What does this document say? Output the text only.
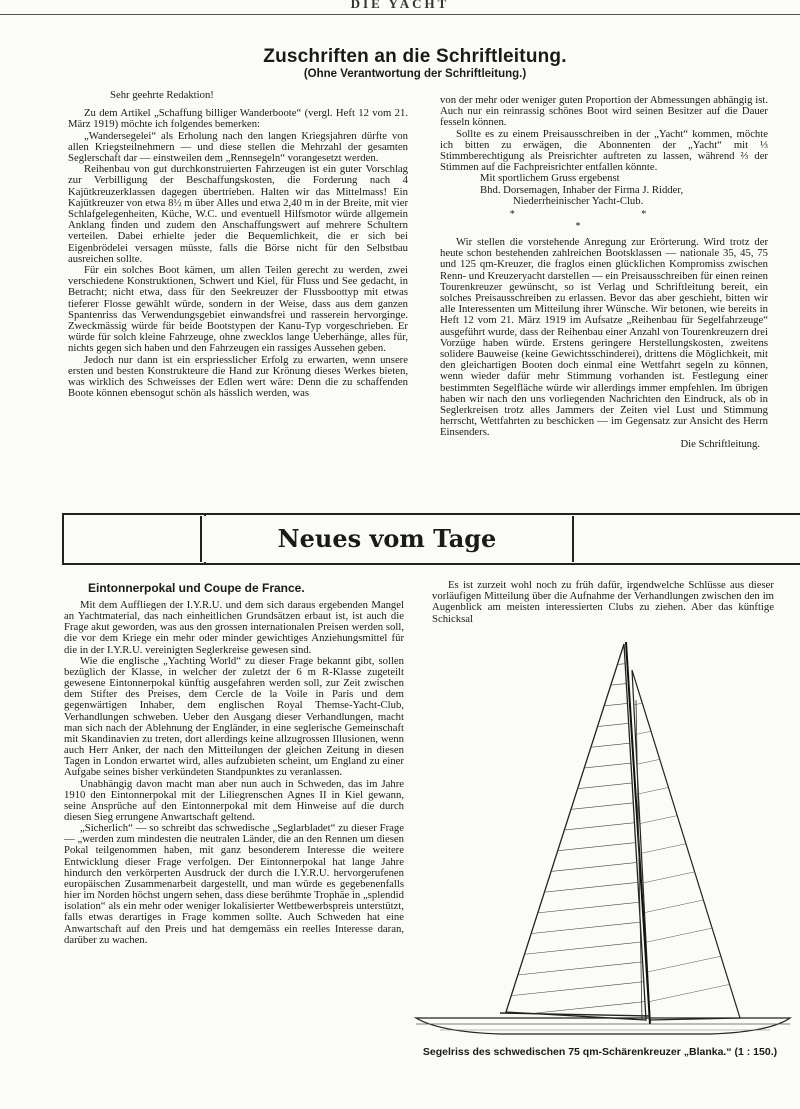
DIE YACHT
Zuschriften an die Schriftleitung.
(Ohne Verantwortung der Schriftleitung.)

Sehr geehrte Redaktion!

Zu dem Artikel „Schaffung billiger Wanderboote“ (vergl. Heft 12 vom 21. März 1919) möchte ich folgendes bemerken:

„Wandersegelei“ als Erholung nach den langen Kriegsjahren dürfte von allen Kriegsteilnehmern — und diese stellen die Mehrzahl der gesamten Seglerschaft dar — einstweilen dem „Rennsegeln“ vorangesetzt werden.

Reihenbau von gut durchkonstruierten Fahrzeugen ist ein guter Vorschlag zur Verbilligung der Beschaffungskosten, die Forderung nach 4 Kajütkreuzerklassen dagegen übertrieben. Halten wir das Mittelmass! Ein Kajütkreuzer von etwa 8½ m über Alles und etwa 2,40 m in der Breite, mit vier Schlafgelegenheiten, Küche, W.C. und eventuell Hilfsmotor würde allgemein Anklang finden und zudem den Anschaffungswert auf mehrere Schultern verteilen. Dabei erhielte jeder die Bequemlichkeit, die er sich bei Eigenbrödelei versagen müsste, falls die Börse nicht für den Selbstbau ausreichen sollte.

Für ein solches Boot kämen, um allen Teilen gerecht zu werden, zwei verschiedene Konstruktionen, Schwert und Kiel, für Fluss und See gedacht, in Betracht; nicht etwa, dass für den Seekreuzer der Flussboottyp mit etwas tieferer Flosse gewählt würde, sondern in der Weise, dass aus dem ganzen Spantenriss das Verwendungsgebiet einwandsfrei und rasserein hervorginge. Zweckmässig würde für beide Bootstypen der Kanu-Typ vorgeschrieben. Er würde für solch kleine Fahrzeuge, ohne zwecklos lange Ueberhänge, alles für, nichts gegen sich haben und den Fahrzeugen ein rassiges Aussehen geben.

Jedoch nur dann ist ein erspriesslicher Erfolg zu erwarten, wenn unsere ersten und besten Konstrukteure die Hand zur Krönung dieses Werkes bieten, was wirklich des Schweisses der Edlen wert wäre: Denn die zu schaffenden Boote können ebensogut schön als hässlich werden, was

von der mehr oder weniger guten Proportion der Abmessungen abhängig ist. Auch nur ein reinrassig schönes Boot wird seinen Besitzer auf die Dauer fesseln können.

Sollte es zu einem Preisausschreiben in der „Yacht“ kommen, möchte ich bitten zu erwägen, die Abonnenten der „Yacht“ mit ⅓ Stimmberechtigung als Preisrichter auftreten zu lassen, während ⅔ der Stimmen auf die Fachpreisrichter entfallen könnte.

Mit sportlichem Gruss ergebenst
Bhd. Dorsemagen, Inhaber der Firma J. Ridder,
Niederrheinischer Yacht-Club.
* * *

Wir stellen die vorstehende Anregung zur Erörterung. Wird trotz der heute schon bestehenden zahlreichen Bootsklassen — nationale 35, 45, 75 und 125 qm-Kreuzer, die fraglos einen glücklichen Kompromiss zwischen Renn- und Kreuzeryacht darstellen — ein Preisausschreiben für einen reinen Tourenkreuzer gewünscht, so ist Verlag und Schriftleitung bereit, ein solches Preisausschreiben zu erlassen. Bevor das aber geschieht, bitten wir alle Interessenten um Mitteilung ihrer Wünsche. Wir betonen, wie bereits in Heft 12 vom 21. März 1919 im Aufsatze „Reihenbau für Segelfahrzeuge“ ausgeführt wurde, dass der Reihenbau einer Anzahl von Tourenkreuzern drei Vorzüge haben würde. Erstens geringere Herstellungskosten, zweitens solidere Bauweise (keine Gewichtsschinderei), drittens die Möglichkeit, mit den gleichartigen Booten doch einmal eine Wettfahrt segeln zu können, wenn wieder dafür mehr Stimmung vorhanden ist. Festlegung einer bestimmten Segelfläche würde wir allerdings immer empfehlen. Im übrigen haben wir nach den uns vorliegenden Nachrichten den Eindruck, als ob in Seglerkreisen trotz alles Jammers der Zeiten viel Lust und Stimmung herrscht, Wettfahrten zu beschicken — im Gegensatz zur Ansicht des Herrn Einsenders.

Die Schriftleitung.
Neues vom Tage
Eintonnerpokal und Coupe de France.

Mit dem Auffliegen der I.Y.R.U. und dem sich daraus ergebenden Mangel an Yachtmaterial, das nach einheitlichen Grundsätzen erbaut ist, ist auch die Frage akut geworden, was aus den grossen internationalen Preisen werden soll, die vor dem Kriege ein mehr oder minder gewichtiges Anziehungsmittel für die in der I.Y.R.U. vereinigten Seglerkreise gewesen sind.

Wie die englische „Yachting World“ zu dieser Frage bekannt gibt, sollen bezüglich der Klasse, in welcher der zuletzt der 6 m R-Klasse zugeteilt gewesene Eintonnerpokal künftig ausgefahren werden soll, zur Zeit zwischen dem Stifter des Preises, dem Cercle de la Voile in Paris und dem gegenwärtigen Inhaber, dem englischen Royal Themse-Yacht-Club, Verhandlungen schweben. Ueber den Ausgang dieser Verhandlungen, macht man sich nach der Ablehnung der Engländer, in eine seglerische Gemeinschaft mit Skandinavien zu treten, dort allerdings keine allzugrossen Illusionen, wenn auch Herr Anker, der nach den Mitteilungen der gleichen Zeitung in diesen Tagen in London erwartet wird, alles aufzubieten scheint, um England zu einer Aufgabe seines bisher verkündeten Standpunktes zu veranlassen.

Unabhängig davon macht man aber nun auch in Schweden, das im Jahre 1910 den Eintonnerpokal mit der Liliegrenschen Agnes II in Kiel gewann, seine Ansprüche auf den Eintonnerpokal mit dem Hinweise auf die durch diesen Sieg errungene Anwartschaft geltend.

„Sicherlich“ — so schreibt das schwedische „Seglarbladet“ zu dieser Frage — „werden zum mindesten die neutralen Länder, die an den Rennen um diesen Pokal teilgenommen haben, mit ganz besonderem Interesse die weitere Entwicklung dieser Frage verfolgen. Der Eintonnerpokal hat lange Jahre hindurch den verkörperten Ausdruck der durch die I.Y.R.U. hervorgerufenen europäischen Zusammenarbeit dargestellt, und man würde es gegebenenfalls hier im Norden höchst ungern sehen, dass diese berühmte Trophäe in „splendid isolation“ als ein mehr oder weniger lokalisierter Wettbewerbspreis unterstützt, falls etwas derartiges in Frage kommen sollte. Auch Schweden hat eine Anwartschaft auf den Preis und hat demgemäss ein reelles Interesse daran, darüber zu wachen.

Es ist zurzeit wohl noch zu früh dafür, irgendwelche Schlüsse aus dieser vorläufigen Mitteilung über die Aufnahme der Verhandlungen zwischen den im Augenblick am meisten interessierten Clubs zu ziehen. Aber das künftige Schicksal

Segelriss des schwedischen 75 qm-Schärenkreuzer „Blanka.“ (1 : 150.)
